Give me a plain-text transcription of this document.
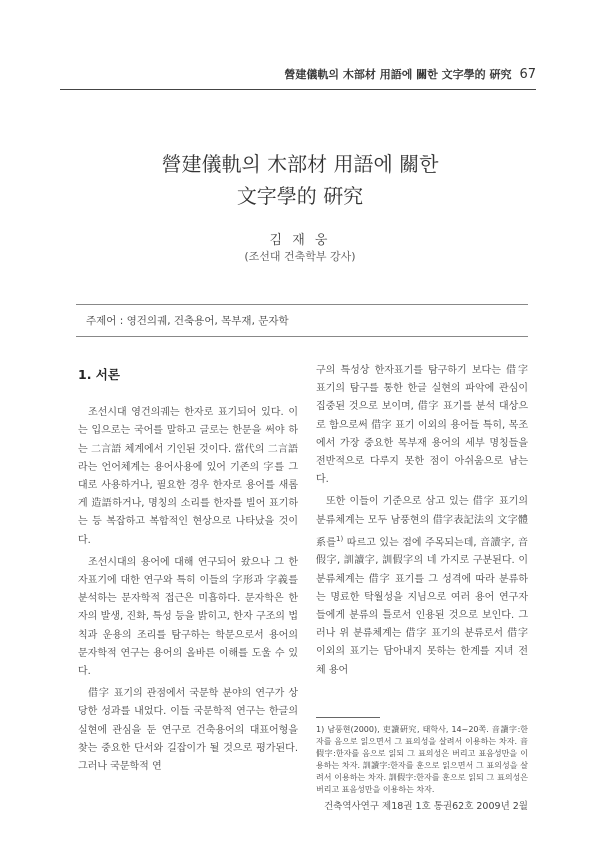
營建儀軌의 木部材 用語에 關한 文字學的 硏究 67
營建儀軌의 木部材 用語에 關한
文字學的 硏究
김 재 웅
(조선대 건축학부 강사)
주제어 : 영건의궤, 건축용어, 목부재, 문자학
1. 서론

조선시대 영건의궤는 한자로 표기되어 있다. 이는 입으로는 국어를 말하고 글로는 한문을 써야 하는 二言語 체계에서 기인된 것이다. 當代의 二言語라는 언어체계는 용어사용에 있어 기존의 字를 그대로 사용하거나, 필요한 경우 한자로 용어를 새롭게 造語하거나, 명칭의 소리를 한자를 빌어 표기하는 등 복잡하고 복합적인 현상으로 나타났을 것이다.

조선시대의 용어에 대해 연구되어 왔으나 그 한자표기에 대한 연구와 특히 이들의 字形과 字義를 분석하는 문자학적 접근은 미흡하다. 문자학은 한자의 발생, 진화, 특성 등을 밝히고, 한자 구조의 법칙과 운용의 조리를 탐구하는 학문으로서 용어의 문자학적 연구는 용어의 올바른 이해를 도울 수 있다.

借字 표기의 관점에서 국문학 분야의 연구가 상당한 성과를 내었다. 이들 국문학적 연구는 한글의 실현에 관심을 둔 연구로 건축용어의 대표어형을 찾는 중요한 단서와 길잡이가 될 것으로 평가된다. 그러나 국문학적 연

구의 특성상 한자표기를 탐구하기 보다는 借字 표기의 탐구를 통한 한글 실현의 파악에 관심이 집중된 것으로 보이며, 借字 표기를 분석 대상으로 함으로써 借字 표기 이외의 용어들 특히, 목조에서 가장 중요한 목부재 용어의 세부 명칭들을 전반적으로 다루지 못한 점이 아쉬움으로 남는다.

또한 이들이 기준으로 삼고 있는 借字 표기의 분류체계는 모두 남풍현의 借字表記法의 文字體系를$^{1)}$ 따르고 있는 점에 주목되는데, 音讀字, 音假字, 訓讀字, 訓假字의 네 가지로 구분된다. 이 분류체계는 借字 표기를 그 성격에 따라 분류하는 명료한 탁월성을 지님으로 여러 용어 연구자들에게 분류의 틀로서 인용된 것으로 보인다. 그러나 위 분류체계는 借字 표기의 분류로서 借字 이외의 표기는 담아내지 못하는 한계를 지녀 전체 용어

1) 남풍현(2000), 吏讀硏究, 태학사, 14~20쪽. 音讀字:한자를 음으로 읽으면서 그 표의성을 살려서 이용하는 차자. 音假字:한자를 음으로 읽되 그 표의성은 버리고 표음성만을 이용하는 차자. 訓讀字:한자를 훈으로 읽으면서 그 표의성을 살려서 이용하는 차자. 訓假字:한자를 훈으로 읽되 그 표의성은 버리고 표음성만을 이용하는 차자.
건축역사연구 제18권 1호 통권62호 2009년 2월
